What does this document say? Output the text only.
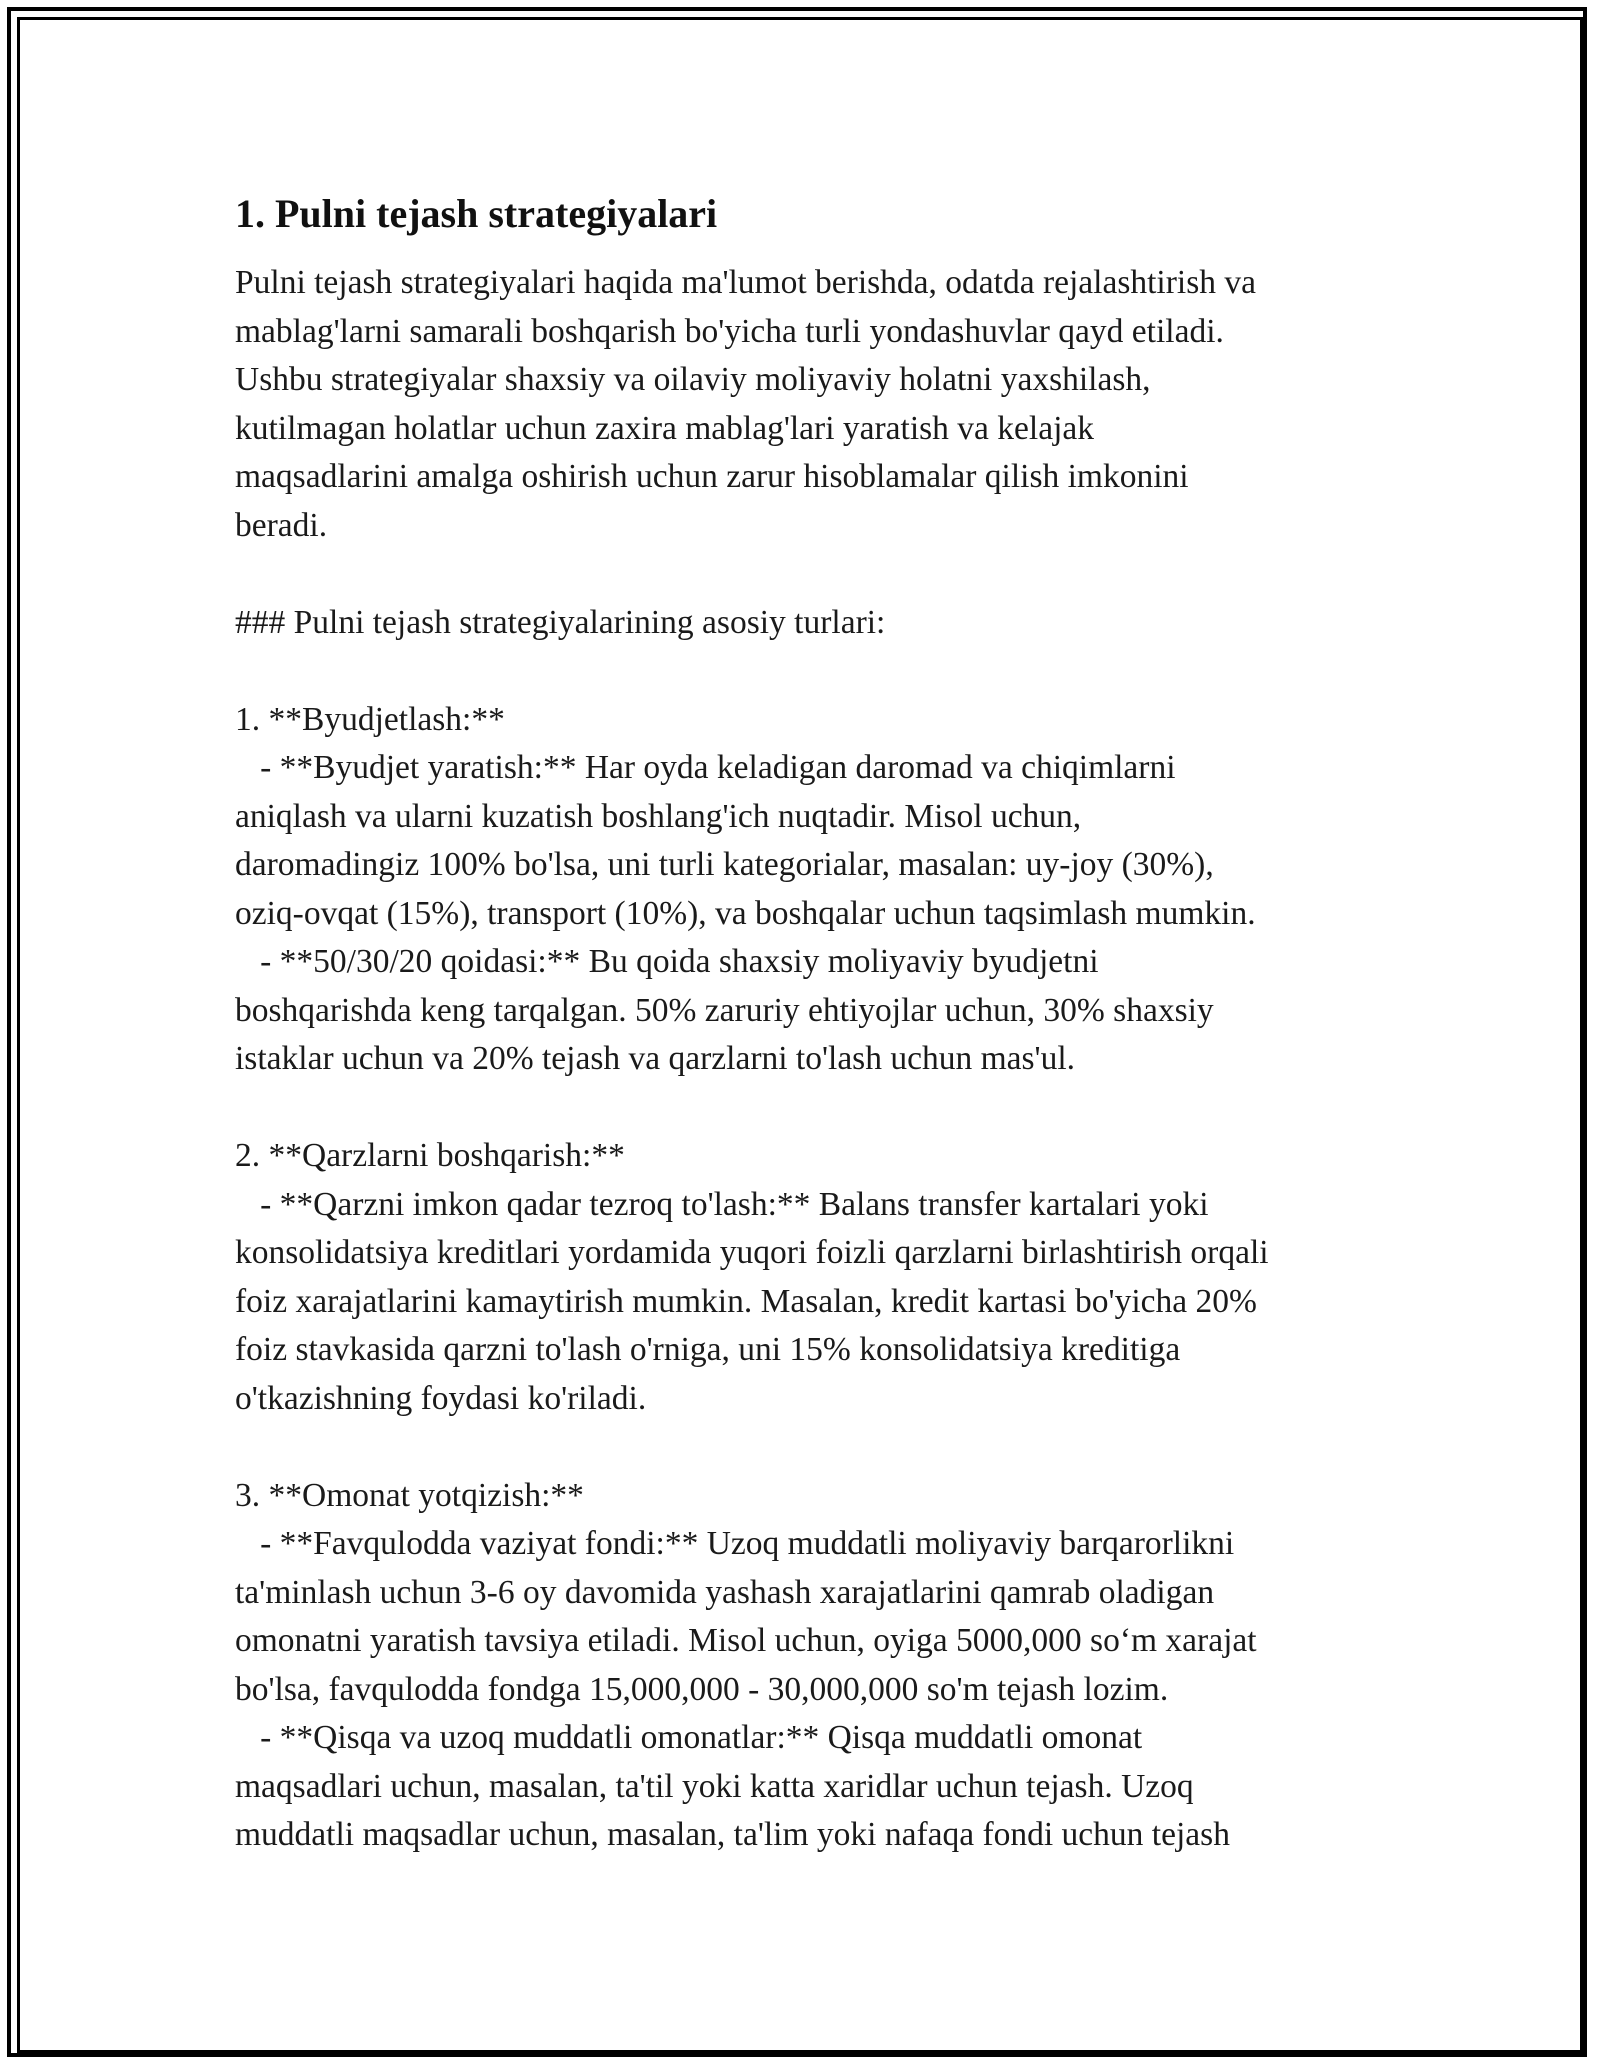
1. Pulni tejash strategiyalari
Pulni tejash strategiyalari haqida ma'lumot berishda, odatda rejalashtirish va
mablag'larni samarali boshqarish bo'yicha turli yondashuvlar qayd etiladi.
Ushbu strategiyalar shaxsiy va oilaviy moliyaviy holatni yaxshilash,
kutilmagan holatlar uchun zaxira mablag'lari yaratish va kelajak
maqsadlarini amalga oshirish uchun zarur hisoblamalar qilish imkonini
beradi.
### Pulni tejash strategiyalarining asosiy turlari:
1. **Byudjetlash:**
- **Byudjet yaratish:** Har oyda keladigan daromad va chiqimlarni
aniqlash va ularni kuzatish boshlang'ich nuqtadir. Misol uchun,
daromadingiz 100% bo'lsa, uni turli kategorialar, masalan: uy-joy (30%),
oziq-ovqat (15%), transport (10%), va boshqalar uchun taqsimlash mumkin.
- **50/30/20 qoidasi:** Bu qoida shaxsiy moliyaviy byudjetni
boshqarishda keng tarqalgan. 50% zaruriy ehtiyojlar uchun, 30% shaxsiy
istaklar uchun va 20% tejash va qarzlarni to'lash uchun mas'ul.
2. **Qarzlarni boshqarish:**
- **Qarzni imkon qadar tezroq to'lash:** Balans transfer kartalari yoki
konsolidatsiya kreditlari yordamida yuqori foizli qarzlarni birlashtirish orqali
foiz xarajatlarini kamaytirish mumkin. Masalan, kredit kartasi bo'yicha 20%
foiz stavkasida qarzni to'lash o'rniga, uni 15% konsolidatsiya kreditiga
o'tkazishning foydasi ko'riladi.
3. **Omonat yotqizish:**
- **Favqulodda vaziyat fondi:** Uzoq muddatli moliyaviy barqarorlikni
ta'minlash uchun 3-6 oy davomida yashash xarajatlarini qamrab oladigan
omonatni yaratish tavsiya etiladi. Misol uchun, oyiga 5000,000 so‘m xarajat
bo'lsa, favqulodda fondga 15,000,000 - 30,000,000 so'm tejash lozim.
- **Qisqa va uzoq muddatli omonatlar:** Qisqa muddatli omonat
maqsadlari uchun, masalan, ta'til yoki katta xaridlar uchun tejash. Uzoq
muddatli maqsadlar uchun, masalan, ta'lim yoki nafaqa fondi uchun tejash
